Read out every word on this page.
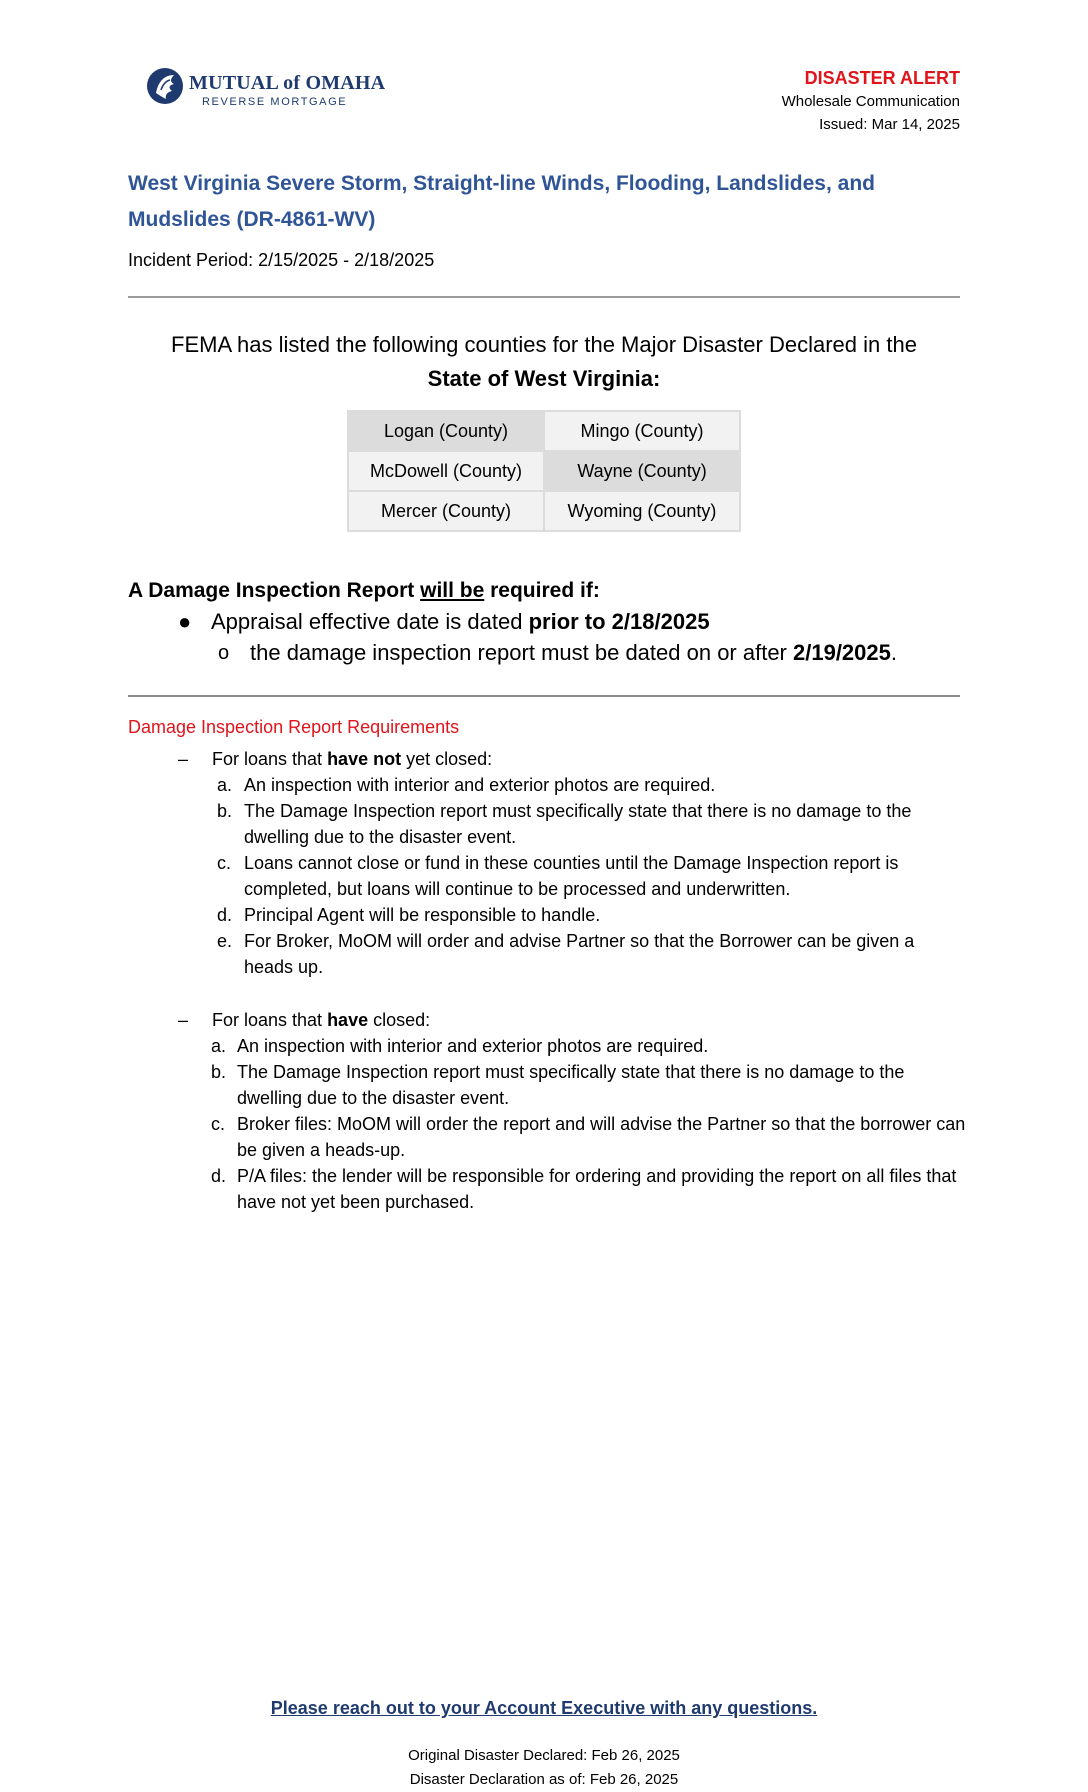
MUTUAL of OMAHA
REVERSE MORTGAGE
DISASTER ALERT
Wholesale Communication
Issued: Mar 14, 2025
West Virginia Severe Storm, Straight-line Winds, Flooding, Landslides, and Mudslides (DR-4861-WV)
Incident Period: 2/15/2025 - 2/18/2025
FEMA has listed the following counties for the Major Disaster Declared in the
State of West Virginia:
Logan (County)	Mingo (County)
McDowell (County)	Wayne (County)
Mercer (County)	Wyoming (County)
A Damage Inspection Report will be required if:
● Appraisal effective date is dated prior to 2/18/2025
o the damage inspection report must be dated on or after 2/19/2025.
Damage Inspection Report Requirements
– For loans that have not yet closed:
a. An inspection with interior and exterior photos are required.
b. The Damage Inspection report must specifically state that there is no damage to the dwelling due to the disaster event.
c. Loans cannot close or fund in these counties until the Damage Inspection report is completed, but loans will continue to be processed and underwritten.
d. Principal Agent will be responsible to handle.
e. For Broker, MoOM will order and advise Partner so that the Borrower can be given a heads up.
– For loans that have closed:
a. An inspection with interior and exterior photos are required.
b. The Damage Inspection report must specifically state that there is no damage to the dwelling due to the disaster event.
c. Broker files: MoOM will order the report and will advise the Partner so that the borrower can be given a heads-up.
d. P/A files: the lender will be responsible for ordering and providing the report on all files that have not yet been purchased.
Please reach out to your Account Executive with any questions.
Original Disaster Declared: Feb 26, 2025
Disaster Declaration as of: Feb 26, 2025
